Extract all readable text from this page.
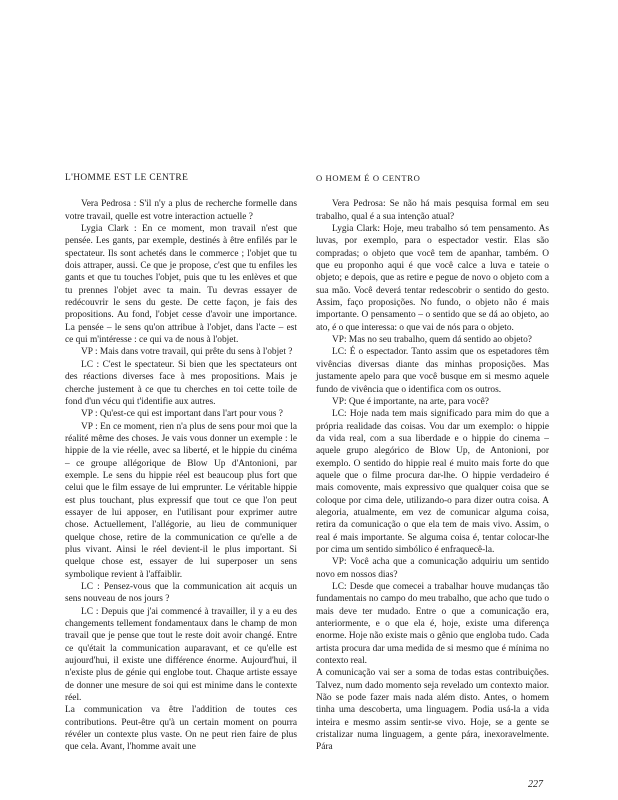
L'HOMME EST LE CENTRE

Vera Pedrosa : S'il n'y a plus de recherche formelle dans votre travail, quelle est votre interaction actuelle ?

Lygia Clark : En ce moment, mon travail n'est que pensée. Les gants, par exemple, destinés à être enfilés par le spectateur. Ils sont achetés dans le commerce ; l'objet que tu dois attraper, aussi. Ce que je propose, c'est que tu enfiles les gants et que tu touches l'objet, puis que tu les enlèves et que tu prennes l'objet avec ta main. Tu devras essayer de redécouvrir le sens du geste. De cette façon, je fais des propositions. Au fond, l'objet cesse d'avoir une importance. La pensée – le sens qu'on attribue à l'objet, dans l'acte – est ce qui m'intéresse : ce qui va de nous à l'objet.

VP : Mais dans votre travail, qui prête du sens à l'objet ?

LC : C'est le spectateur. Si bien que les spectateurs ont des réactions diverses face à mes propositions. Mais je cherche justement à ce que tu cherches en toi cette toile de fond d'un vécu qui t'identifie aux autres.

VP : Qu'est-ce qui est important dans l'art pour vous ?

VP : En ce moment, rien n'a plus de sens pour moi que la réalité même des choses. Je vais vous donner un exemple : le hippie de la vie réelle, avec sa liberté, et le hippie du cinéma – ce groupe allégorique de Blow Up d'Antonioni, par exemple. Le sens du hippie réel est beaucoup plus fort que celui que le film essaye de lui emprunter. Le véritable hippie est plus touchant, plus expressif que tout ce que l'on peut essayer de lui apposer, en l'utilisant pour exprimer autre chose. Actuellement, l'allégorie, au lieu de communiquer quelque chose, retire de la communication ce qu'elle a de plus vivant. Ainsi le réel devient-il le plus important. Si quelque chose est, essayer de lui superposer un sens symbolique revient à l'affaiblir.

LC : Pensez-vous que la communication ait acquis un sens nouveau de nos jours ?

LC : Depuis que j'ai commencé à travailler, il y a eu des changements tellement fondamentaux dans le champ de mon travail que je pense que tout le reste doit avoir changé. Entre ce qu'était la communication auparavant, et ce qu'elle est aujourd'hui, il existe une différence énorme. Aujourd'hui, il n'existe plus de génie qui englobe tout. Chaque artiste essaye de donner une mesure de soi qui est minime dans le contexte réel.

La communication va être l'addition de toutes ces contributions. Peut-être qu'à un certain moment on pourra révéler un contexte plus vaste. On ne peut rien faire de plus que cela. Avant, l'homme avait une

O HOMEM É O CENTRO

Vera Pedrosa: Se não há mais pesquisa formal em seu trabalho, qual é a sua intenção atual?

Lygia Clark: Hoje, meu trabalho só tem pensamento. As luvas, por exemplo, para o espectador vestir. Elas são compradas; o objeto que você tem de apanhar, também. O que eu proponho aqui é que você calce a luva e tateie o objeto; e depois, que as retire e pegue de novo o objeto com a sua mão. Você deverá tentar redescobrir o sentido do gesto. Assim, faço proposições. No fundo, o objeto não é mais importante. O pensamento – o sentido que se dá ao objeto, ao ato, é o que interessa: o que vai de nós para o objeto.

VP: Mas no seu trabalho, quem dá sentido ao objeto?

LC: É o espectador. Tanto assim que os espetadores têm vivências diversas diante das minhas proposições. Mas justamente apelo para que você busque em si mesmo aquele fundo de vivência que o identifica com os outros.

VP: Que é importante, na arte, para você?

LC: Hoje nada tem mais significado para mim do que a própria realidade das coisas. Vou dar um exemplo: o hippie da vida real, com a sua liberdade e o hippie do cinema – aquele grupo alegórico de Blow Up, de Antonioni, por exemplo. O sentido do hippie real é muito mais forte do que aquele que o filme procura dar-lhe. O hippie verdadeiro é mais comovente, mais expressivo que qualquer coisa que se coloque por cima dele, utilizando-o para dizer outra coisa. A alegoria, atualmente, em vez de comunicar alguma coisa, retira da comunicação o que ela tem de mais vivo. Assim, o real é mais importante. Se alguma coisa é, tentar colocar-lhe por cima um sentido simbólico é enfraquecê-la.

VP: Você acha que a comunicação adquiriu um sentido novo em nossos dias?

LC: Desde que comecei a trabalhar houve mudanças tão fundamentais no campo do meu trabalho, que acho que tudo o mais deve ter mudado. Entre o que a comunicação era, anteriormente, e o que ela é, hoje, existe uma diferença enorme. Hoje não existe mais o gênio que engloba tudo. Cada artista procura dar uma medida de si mesmo que é mínima no contexto real.

A comunicação vai ser a soma de todas estas contribuições. Talvez, num dado momento seja revelado um contexto maior. Não se pode fazer mais nada além disto. Antes, o homem tinha uma descoberta, uma linguagem. Podia usá-la a vida inteira e mesmo assim sentir-se vivo. Hoje, se a gente se cristalizar numa linguagem, a gente pára, inexoravelmente. Pára

227
